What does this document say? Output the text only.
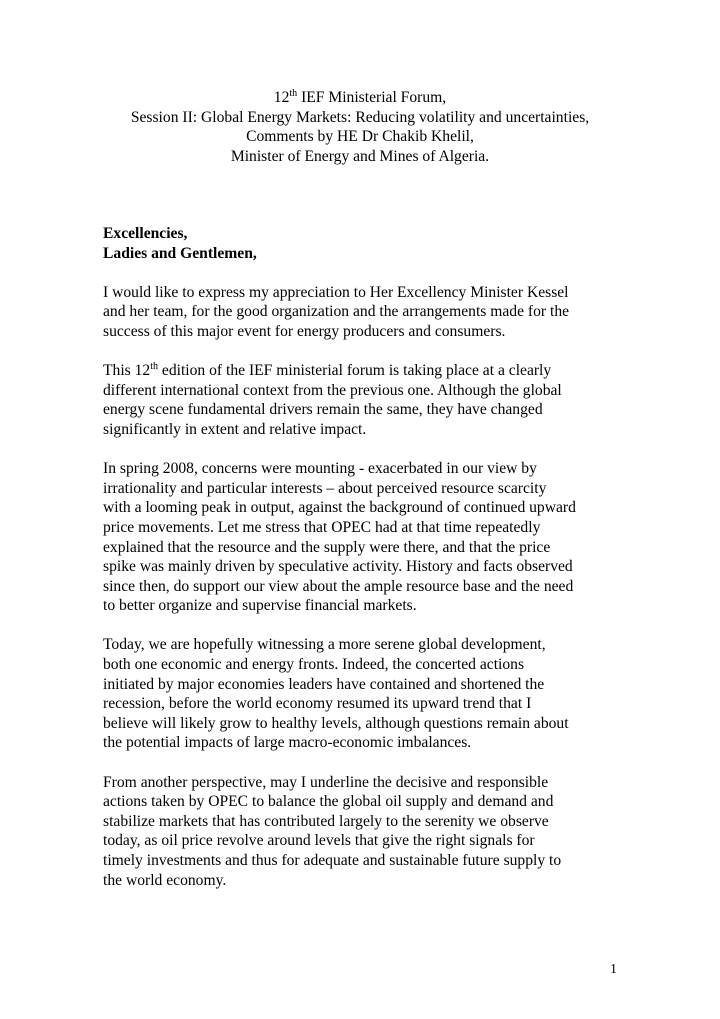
12th IEF Ministerial Forum,
Session II: Global Energy Markets: Reducing volatility and uncertainties,
Comments by HE Dr Chakib Khelil,
Minister of Energy and Mines of Algeria.

Excellencies,
Ladies and Gentlemen,

I would like to express my appreciation to Her Excellency Minister Kessel
and her team, for the good organization and the arrangements made for the
success of this major event for energy producers and consumers.

This 12th edition of the IEF ministerial forum is taking place at a clearly
different international context from the previous one. Although the global
energy scene fundamental drivers remain the same, they have changed
significantly in extent and relative impact.

In spring 2008, concerns were mounting - exacerbated in our view by
irrationality and particular interests – about perceived resource scarcity
with a looming peak in output, against the background of continued upward
price movements. Let me stress that OPEC had at that time repeatedly
explained that the resource and the supply were there, and that the price
spike was mainly driven by speculative activity. History and facts observed
since then, do support our view about the ample resource base and the need
to better organize and supervise financial markets.

Today, we are hopefully witnessing a more serene global development,
both one economic and energy fronts. Indeed, the concerted actions
initiated by major economies leaders have contained and shortened the
recession, before the world economy resumed its upward trend that I
believe will likely grow to healthy levels, although questions remain about
the potential impacts of large macro-economic imbalances.

From another perspective, may I underline the decisive and responsible
actions taken by OPEC to balance the global oil supply and demand and
stabilize markets that has contributed largely to the serenity we observe
today, as oil price revolve around levels that give the right signals for
timely investments and thus for adequate and sustainable future supply to
the world economy.

1
